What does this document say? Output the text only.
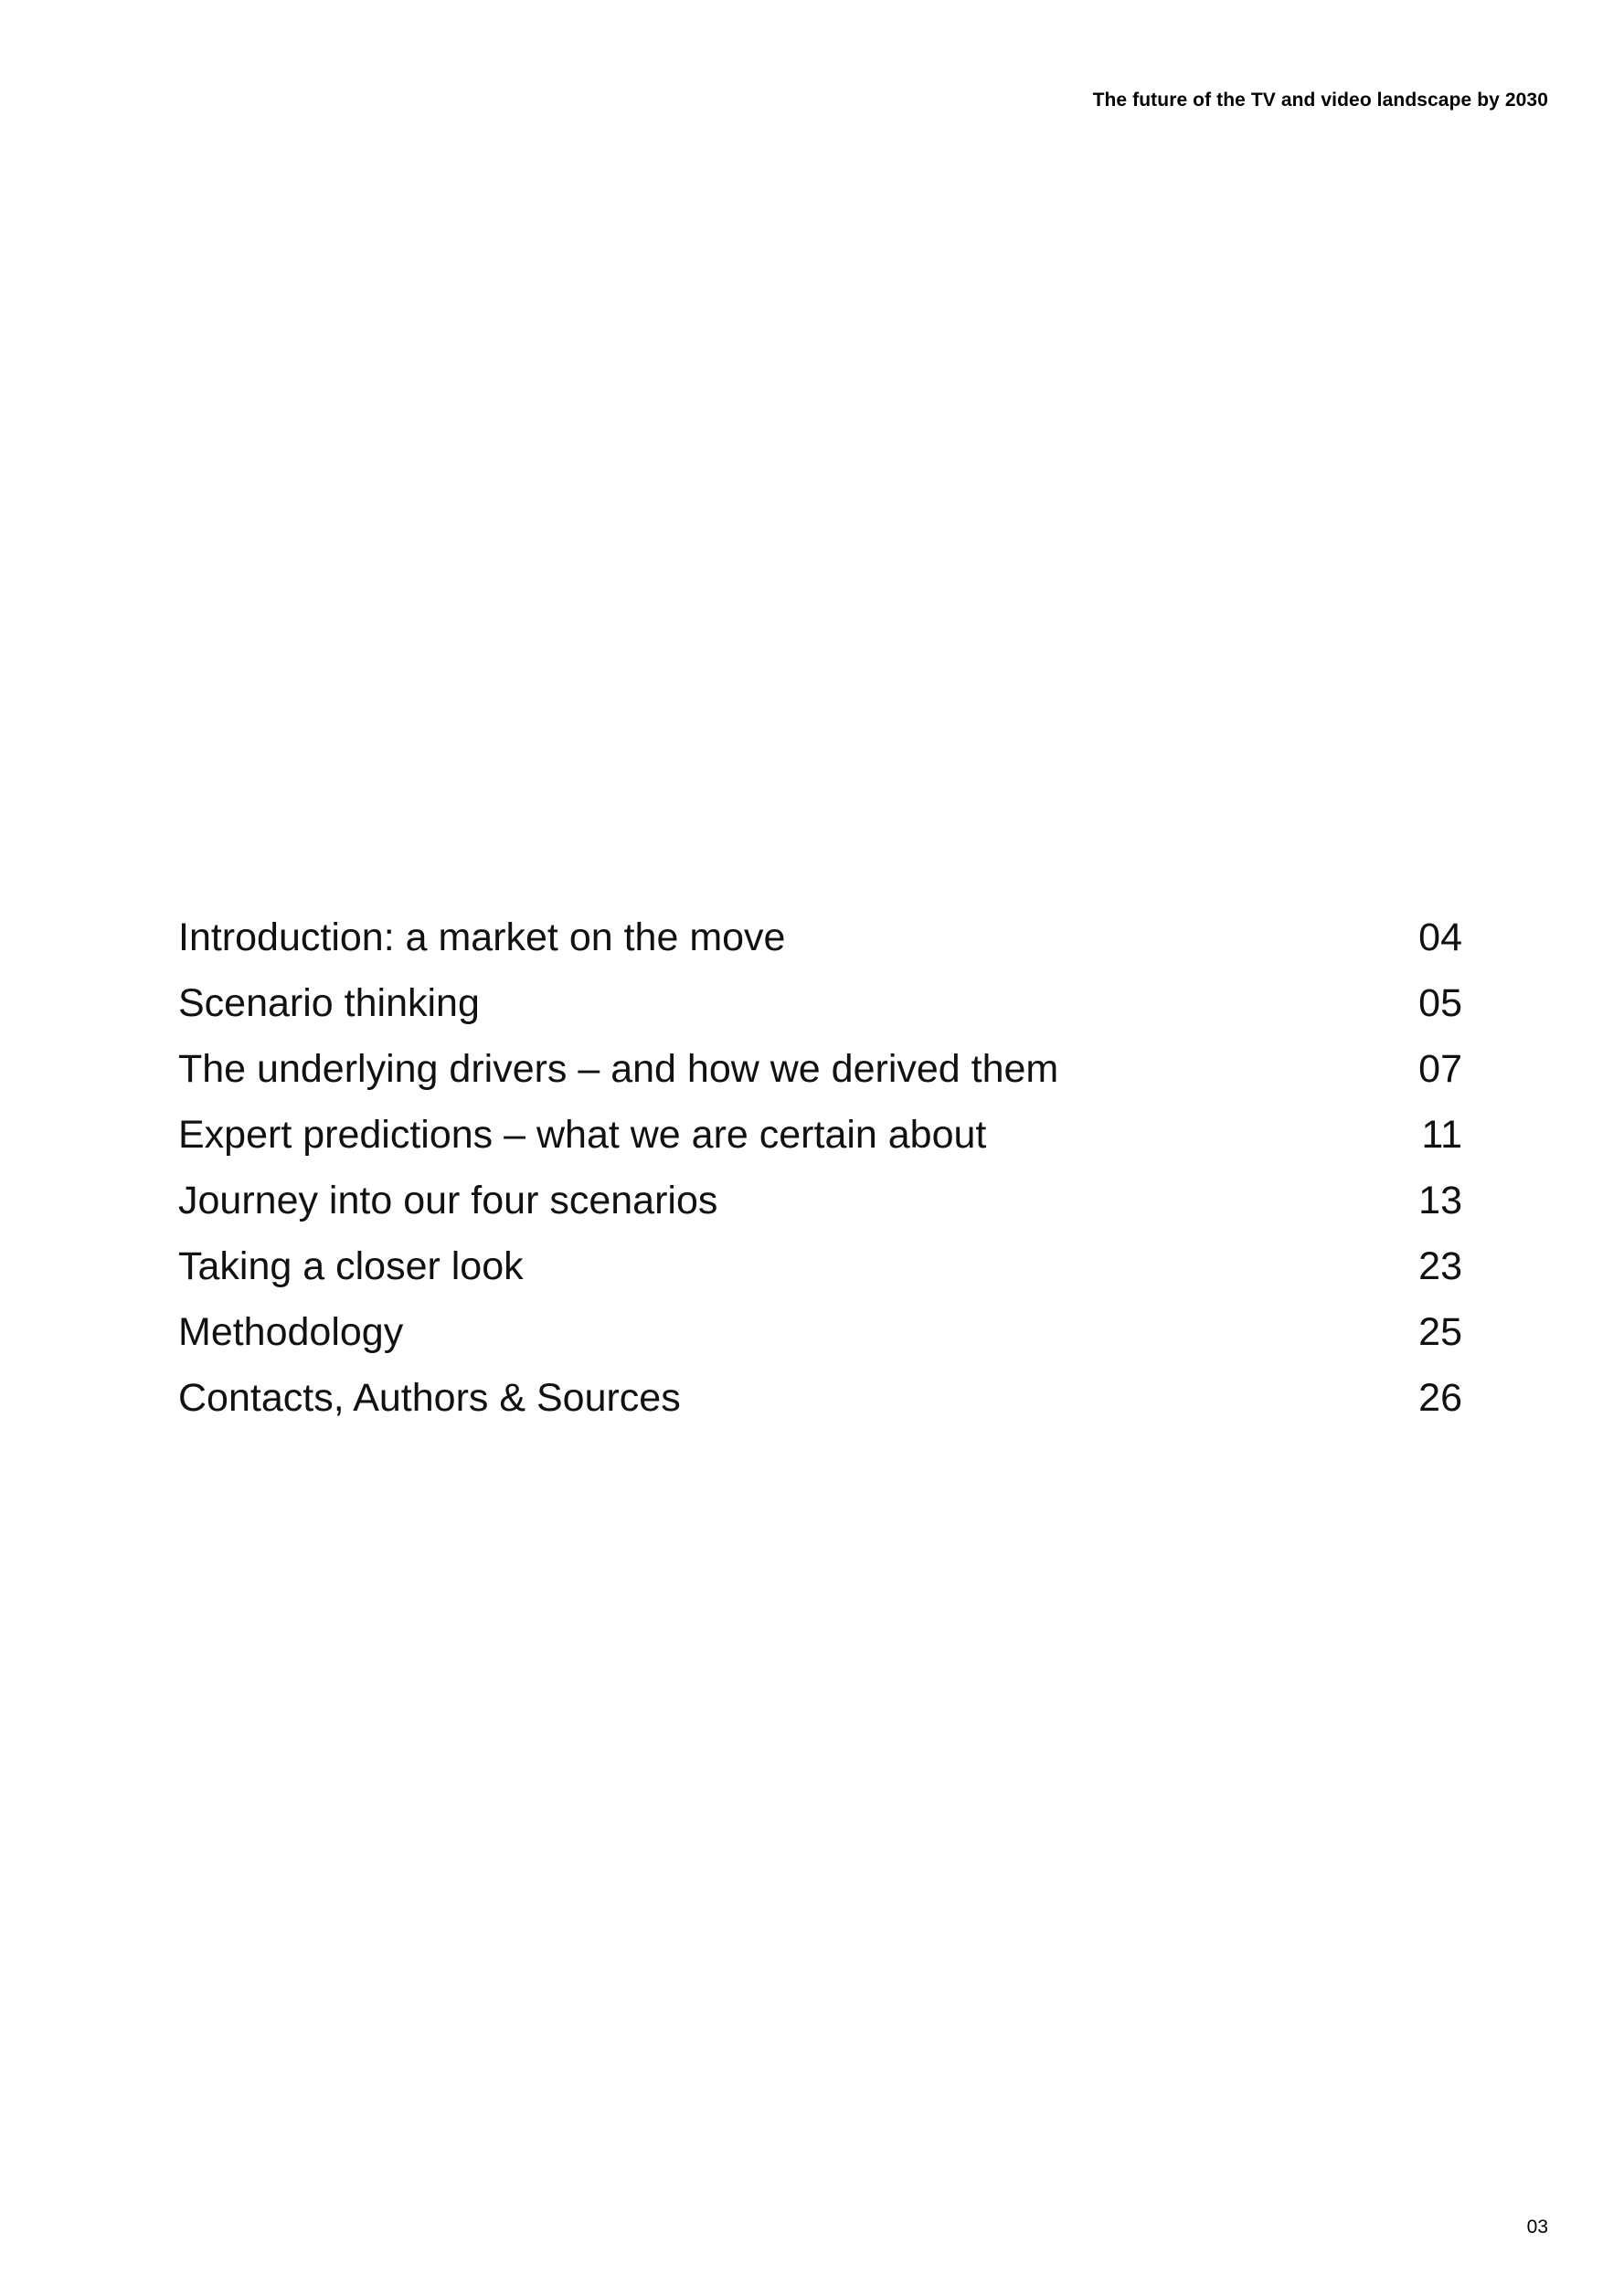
The future of the TV and video landscape by 2030
Introduction: a market on the move	04
Scenario thinking	05
The underlying drivers – and how we derived them	07
Expert predictions – what we are certain about	11
Journey into our four scenarios	13
Taking a closer look	23
Methodology	25
Contacts, Authors & Sources	26
03
